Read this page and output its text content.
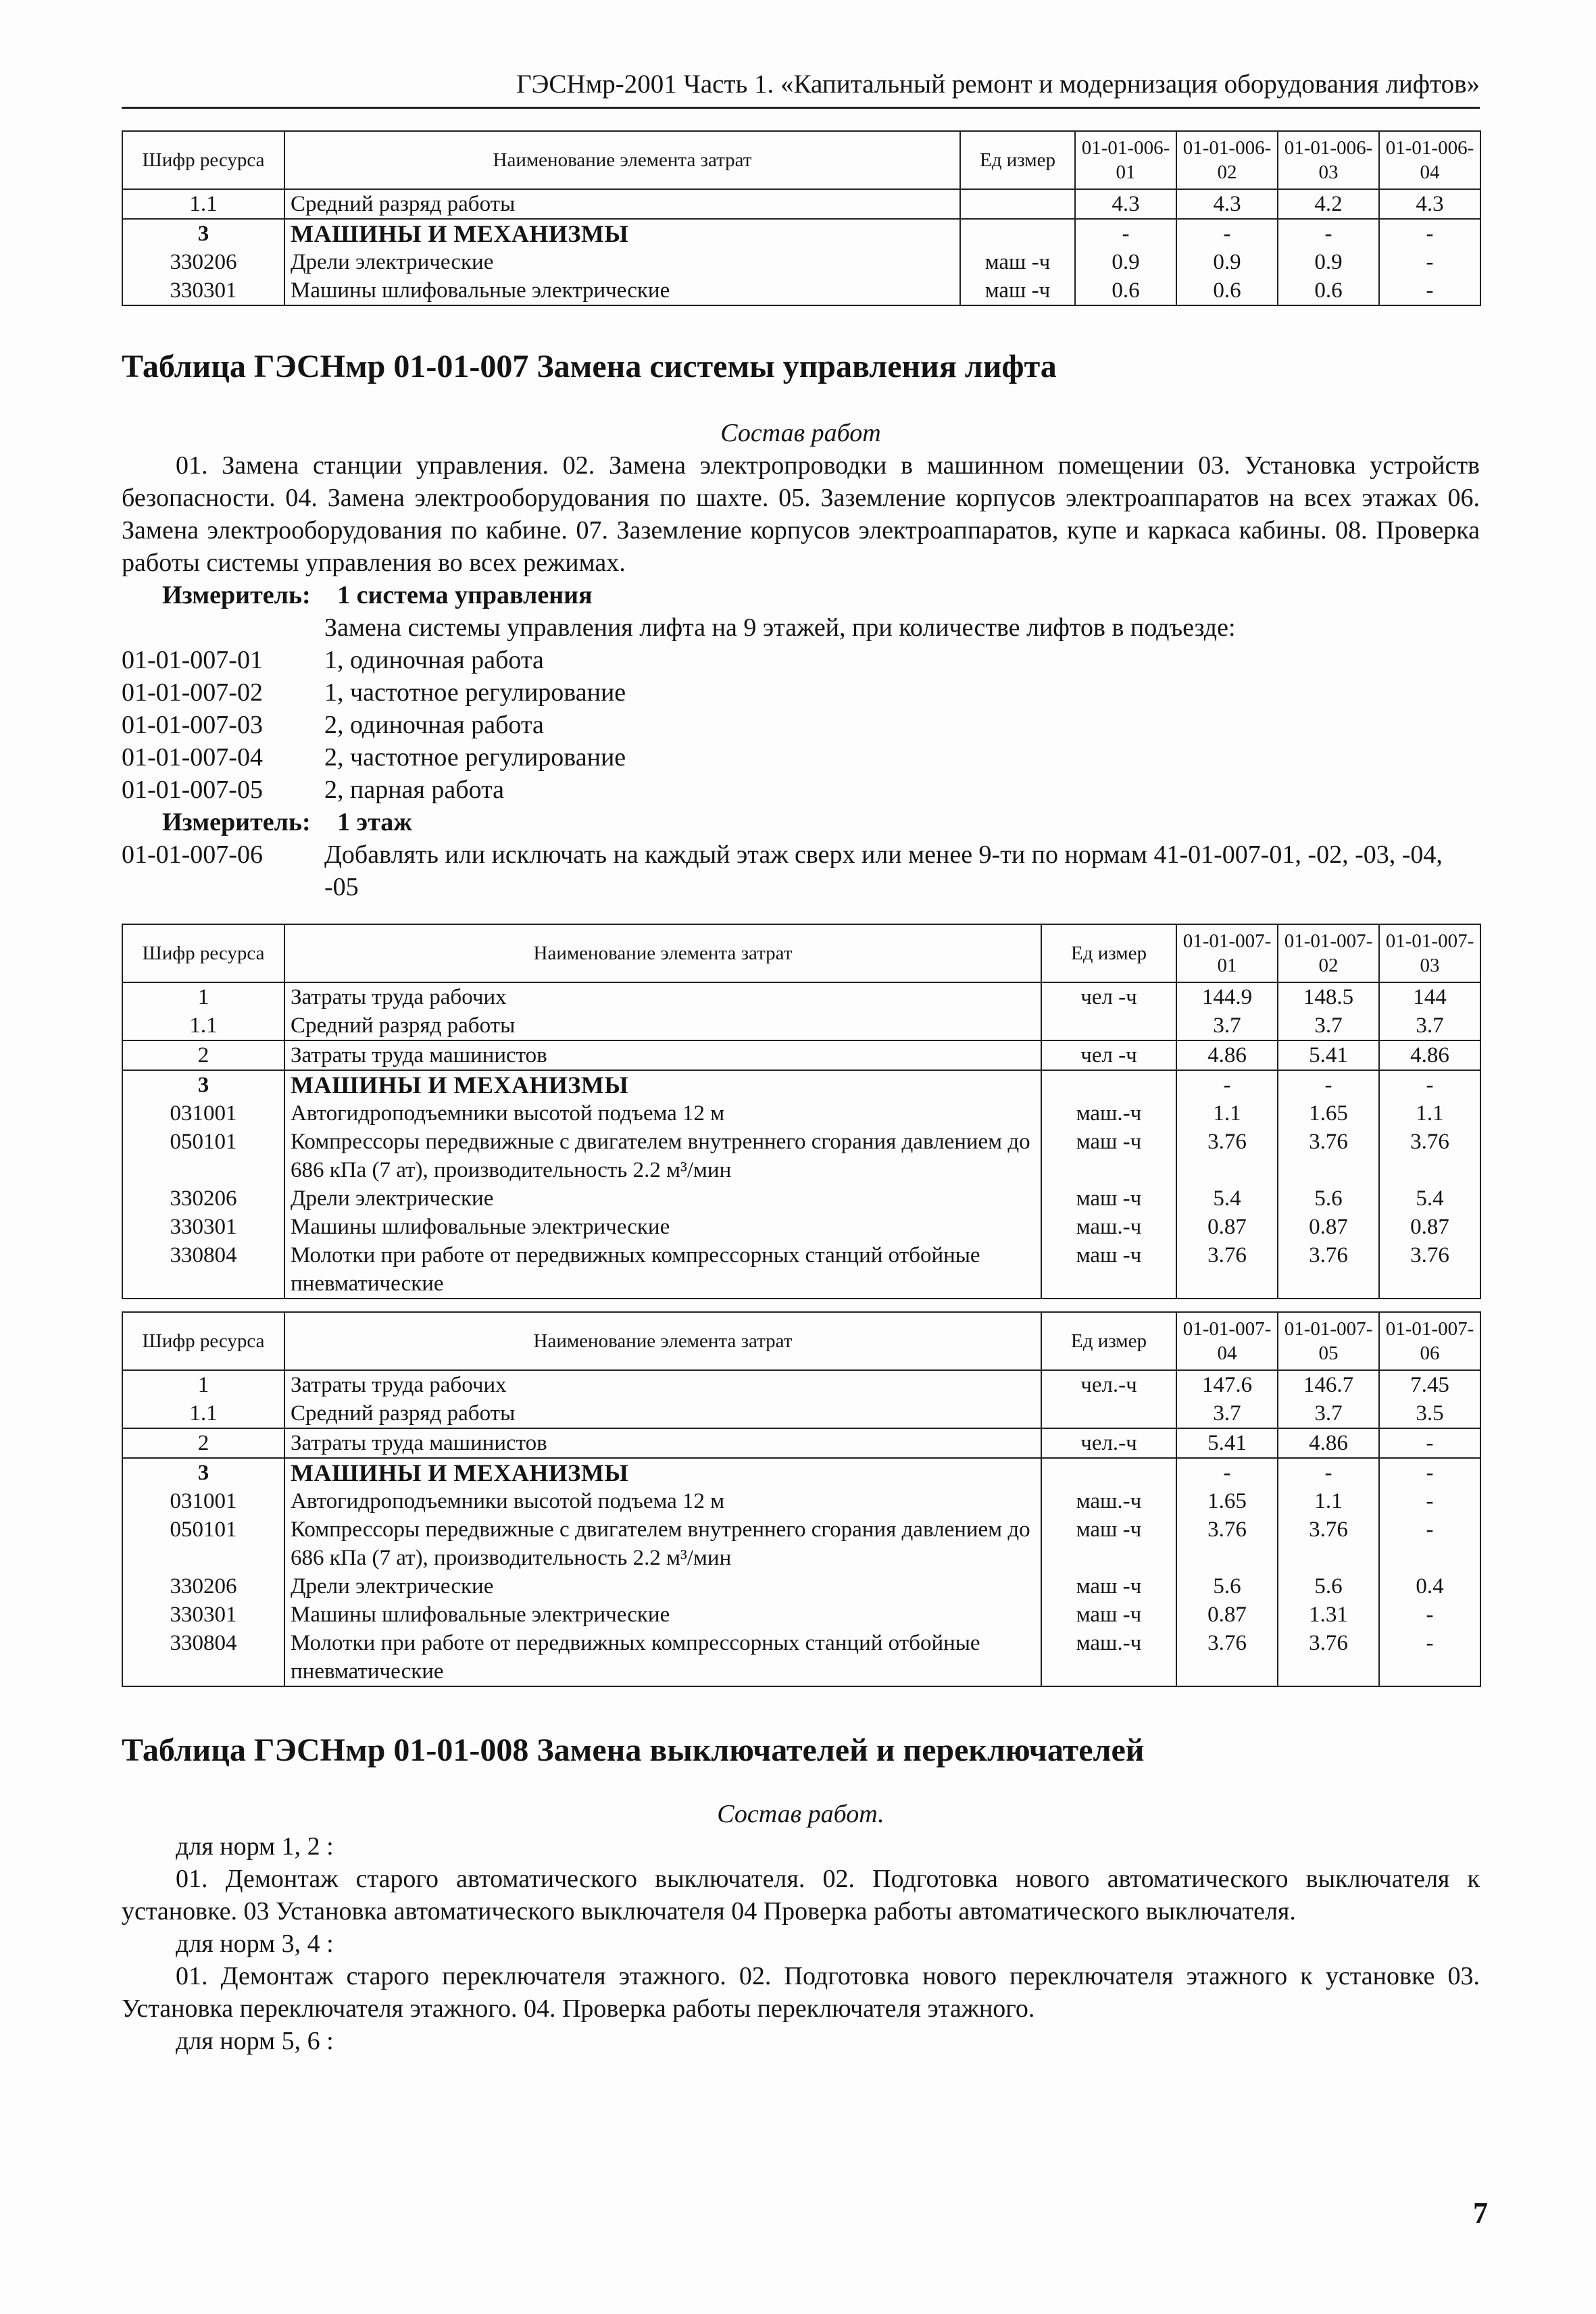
ГЭСНмр-2001 Часть 1. «Капитальный ремонт и модернизация оборудования лифтов»
Шифр ресурса	Наименование элемента затрат	Ед измер	01-01-006-01	01-01-006-02	01-01-006-03	01-01-006-04
1.1	Средний разряд работы		4.3	4.3	4.2	4.3
3	МАШИНЫ И МЕХАНИЗМЫ		-	-	-	-
330206	Дрели электрические	маш -ч	0.9	0.9	0.9	-
330301	Машины шлифовальные электрические	маш -ч	0.6	0.6	0.6	-
Таблица ГЭСНмр 01-01-007 Замена системы управления лифта
Состав работ

01. Замена станции управления. 02. Замена электропроводки в машинном помещении 03. Установка устройств безопасности. 04. Замена электрооборудования по шахте. 05. Заземление корпусов электроаппаратов на всех этажах 06. Замена электрооборудования по кабине. 07. Заземление корпусов электроаппаратов, купе и каркаса кабины. 08. Проверка работы системы управления во всех режимах.

Измеритель: 1 система управления
Замена системы управления лифта на 9 этажей, при количестве лифтов в подъезде:
01-01-007-01	1, одиночная работа
01-01-007-02	1, частотное регулирование
01-01-007-03	2, одиночная работа
01-01-007-04	2, частотное регулирование
01-01-007-05	2, парная работа
Измеритель: 1 этаж
01-01-007-06	Добавлять или исключать на каждый этаж сверх или менее 9-ти по нормам 41-01-007-01, -02, -03, -04, -05
Шифр ресурса	Наименование элемента затрат	Ед измер	01-01-007-01	01-01-007-02	01-01-007-03
1	Затраты труда рабочих	чел -ч	144.9	148.5	144
1.1	Средний разряд работы		3.7	3.7	3.7
2	Затраты труда машинистов	чел -ч	4.86	5.41	4.86
3	МАШИНЫ И МЕХАНИЗМЫ		-	-	-
031001	Автогидроподъемники высотой подъема 12 м	маш.-ч	1.1	1.65	1.1
050101	Компрессоры передвижные с двигателем внутреннего сгорания давлением до 686 кПа (7 ат), производительность 2.2 м³/мин	маш -ч	3.76	3.76	3.76
330206	Дрели электрические	маш -ч	5.4	5.6	5.4
330301	Машины шлифовальные электрические	маш.-ч	0.87	0.87	0.87
330804	Молотки при работе от передвижных компрессорных станций отбойные пневматические	маш -ч	3.76	3.76	3.76
Шифр ресурса	Наименование элемента затрат	Ед измер	01-01-007-04	01-01-007-05	01-01-007-06
1	Затраты труда рабочих	чел.-ч	147.6	146.7	7.45
1.1	Средний разряд работы		3.7	3.7	3.5
2	Затраты труда машинистов	чел.-ч	5.41	4.86	-
3	МАШИНЫ И МЕХАНИЗМЫ		-	-	-
031001	Автогидроподъемники высотой подъема 12 м	маш.-ч	1.65	1.1	-
050101	Компрессоры передвижные с двигателем внутреннего сгорания давлением до 686 кПа (7 ат), производительность 2.2 м³/мин	маш -ч	3.76	3.76	-
330206	Дрели электрические	маш -ч	5.6	5.6	0.4
330301	Машины шлифовальные электрические	маш -ч	0.87	1.31	-
330804	Молотки при работе от передвижных компрессорных станций отбойные пневматические	маш.-ч	3.76	3.76	-
Таблица ГЭСНмр 01-01-008 Замена выключателей и переключателей
Состав работ.

для норм 1, 2 :

01. Демонтаж старого автоматического выключателя. 02. Подготовка нового автоматического выключателя к установке. 03 Установка автоматического выключателя 04 Проверка работы автоматического выключателя.

для норм 3, 4 :

01. Демонтаж старого переключателя этажного. 02. Подготовка нового переключателя этажного к установке 03. Установка переключателя этажного. 04. Проверка работы переключателя этажного.

для норм 5, 6 :

7
